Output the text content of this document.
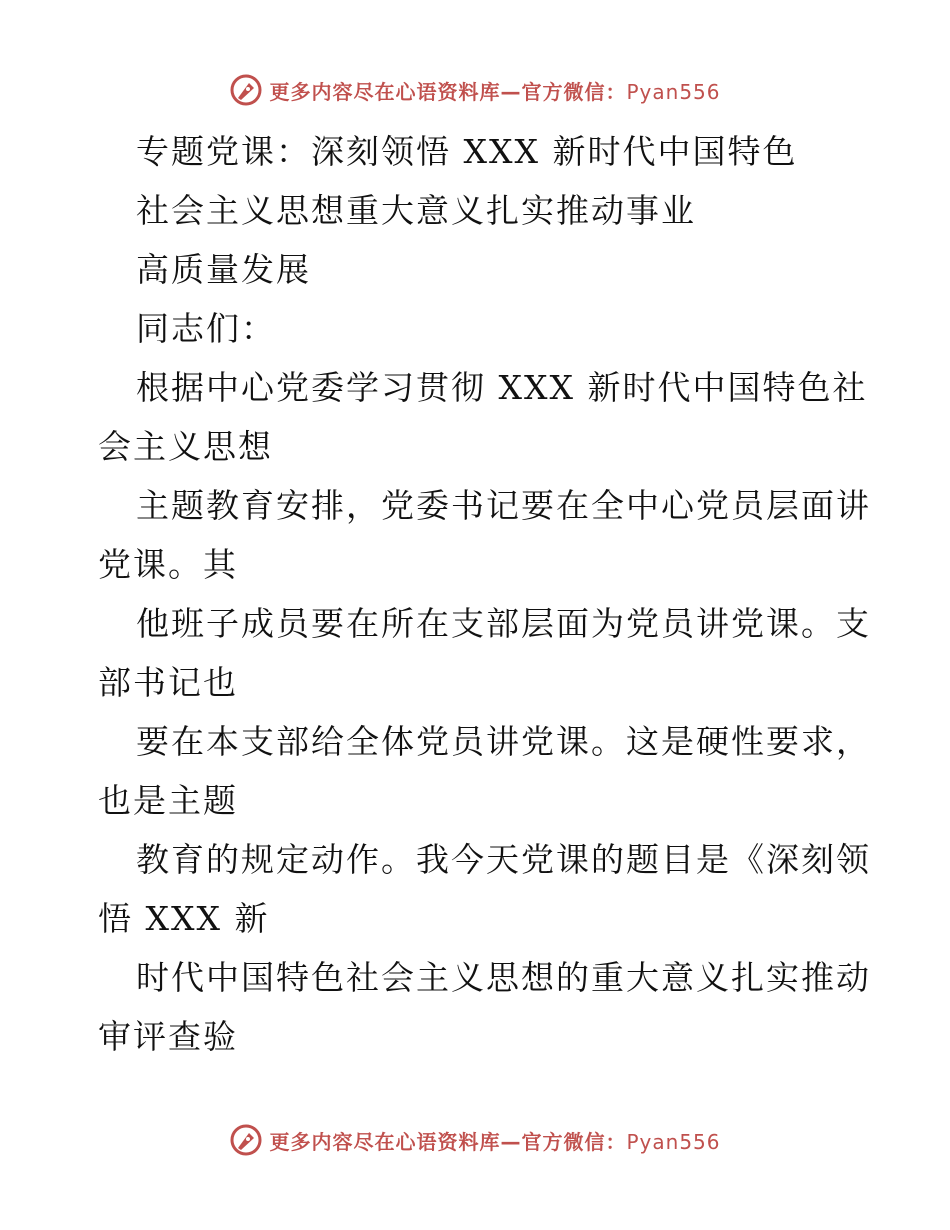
更多内容尽在心语资料库—官方微信：Pyan556
专题党课：深刻领悟 XXX 新时代中国特色
社会主义思想重大意义扎实推动事业
高质量发展
同志们：
根据中心党委学习贯彻 XXX 新时代中国特色社
会主义思想
主题教育安排，党委书记要在全中心党员层面讲
党课。其
他班子成员要在所在支部层面为党员讲党课。支
部书记也
要在本支部给全体党员讲党课。这是硬性要求，
也是主题
教育的规定动作。我今天党课的题目是《深刻领
悟 XXX 新
时代中国特色社会主义思想的重大意义扎实推动
审评查验
更多内容尽在心语资料库—官方微信：Pyan556
